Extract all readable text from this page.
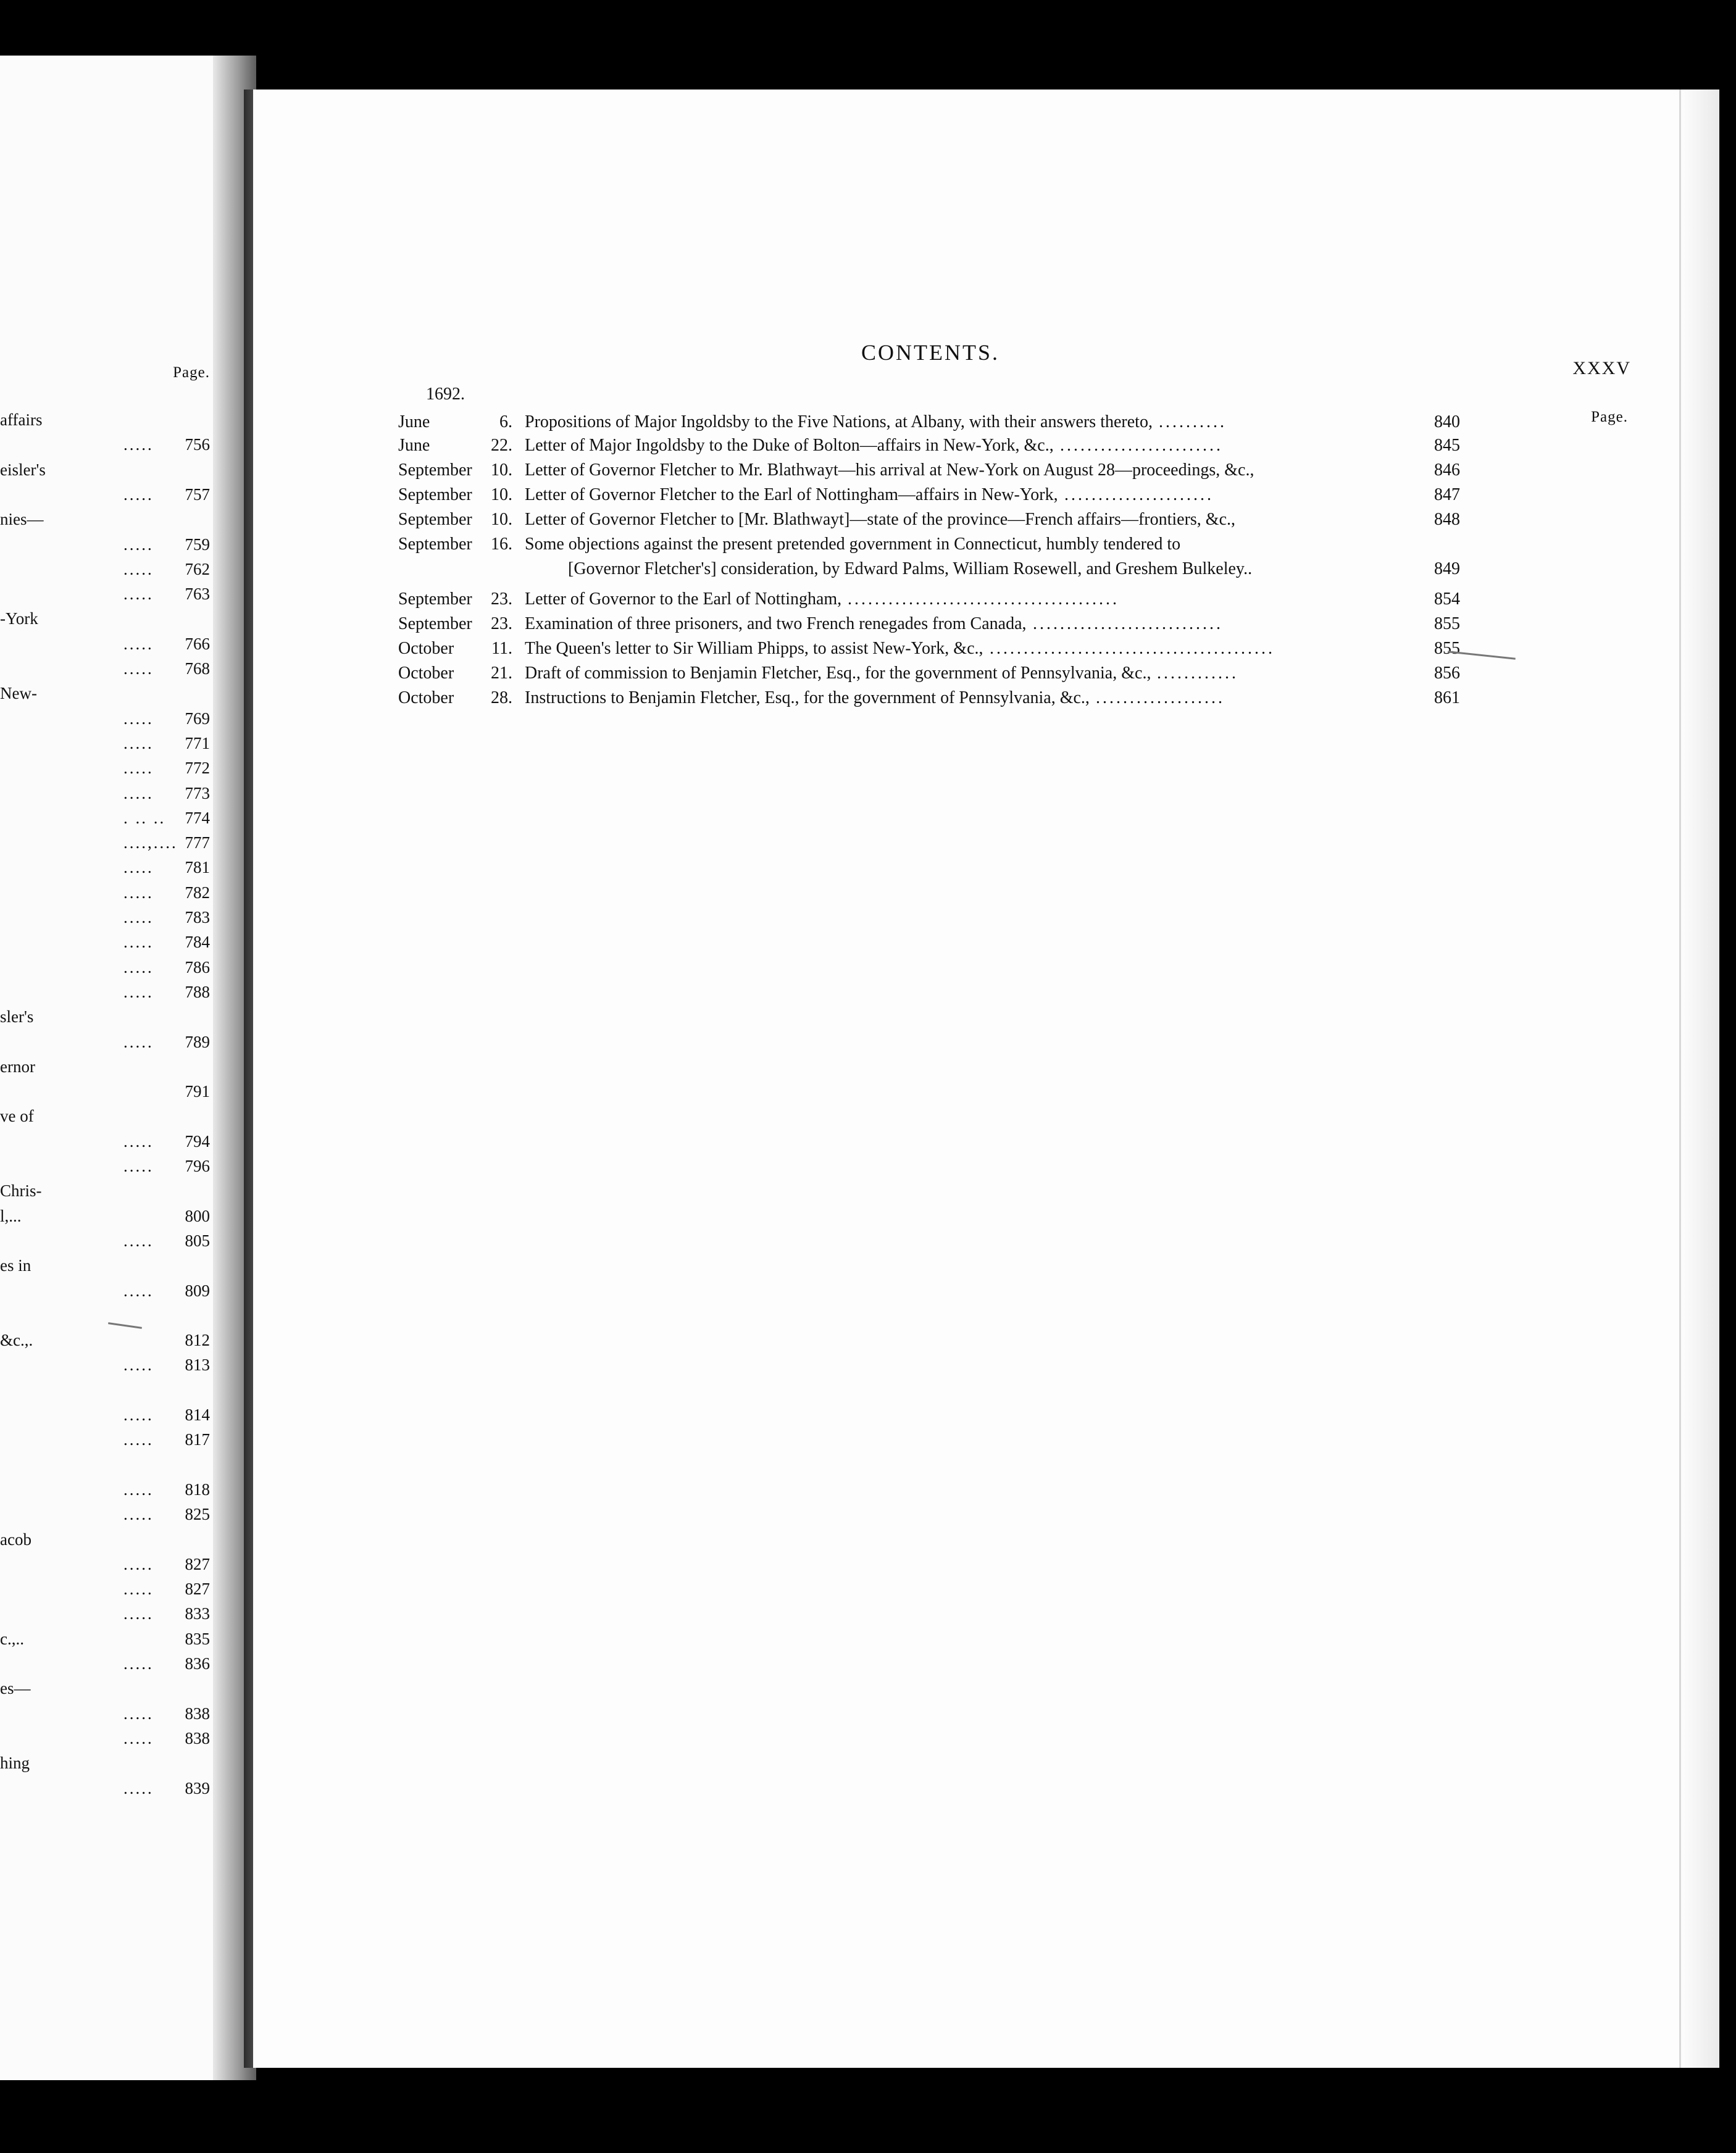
Page.
affairs
..... 756
eisler's
..... 757
nies—
..... 759
..... 762
..... 763
-York
..... 766
..... 768
New-
..... 769
..... 771
..... 772
..... 773
. .. .. 774
....,.... 777
..... 781
..... 782
..... 783
..... 784
..... 786
..... 788
sler's
..... 789
ernor
791
ve of
..... 794
..... 796
Chris-
l,...	800
..... 805
es in
..... 809
&c.,.	812
..... 813
..... 814
..... 817
..... 818
..... 825
acob
..... 827
..... 827
..... 833
c.,..	835
..... 836
es—
..... 838
..... 838
hing
..... 839
CONTENTS.
XXXV
1692.
Page.
June	6. Propositions of Major Ingoldsby to the Five Nations, at Albany, with their answers thereto, ..........	840
June	22. Letter of Major Ingoldsby to the Duke of Bolton—affairs in New-York, &c., ........................	845
September 10. Letter of Governor Fletcher to Mr. Blathwayt—his arrival at New-York on August 28—proceedings, &c.,	846
September 10. Letter of Governor Fletcher to the Earl of Nottingham—affairs in New-York, ......................	847
September 10. Letter of Governor Fletcher to [Mr. Blathwayt]—state of the province—French affairs—frontiers, &c.,	848
September 16. Some objections against the present pretended government in Connecticut, humbly tendered to
[Governor Fletcher's] consideration, by Edward Palms, William Rosewell, and Greshem Bulkeley..	849
September 23. Letter of Governor to the Earl of Nottingham, ........................................	854
September 23. Examination of three prisoners, and two French renegades from Canada, ............................	855
October 11. The Queen's letter to Sir William Phipps, to assist New-York, &c., ..........................................	855
October 21. Draft of commission to Benjamin Fletcher, Esq., for the government of Pennsylvania, &c., ............	856
October 28. Instructions to Benjamin Fletcher, Esq., for the government of Pennsylvania, &c., ...................	861
